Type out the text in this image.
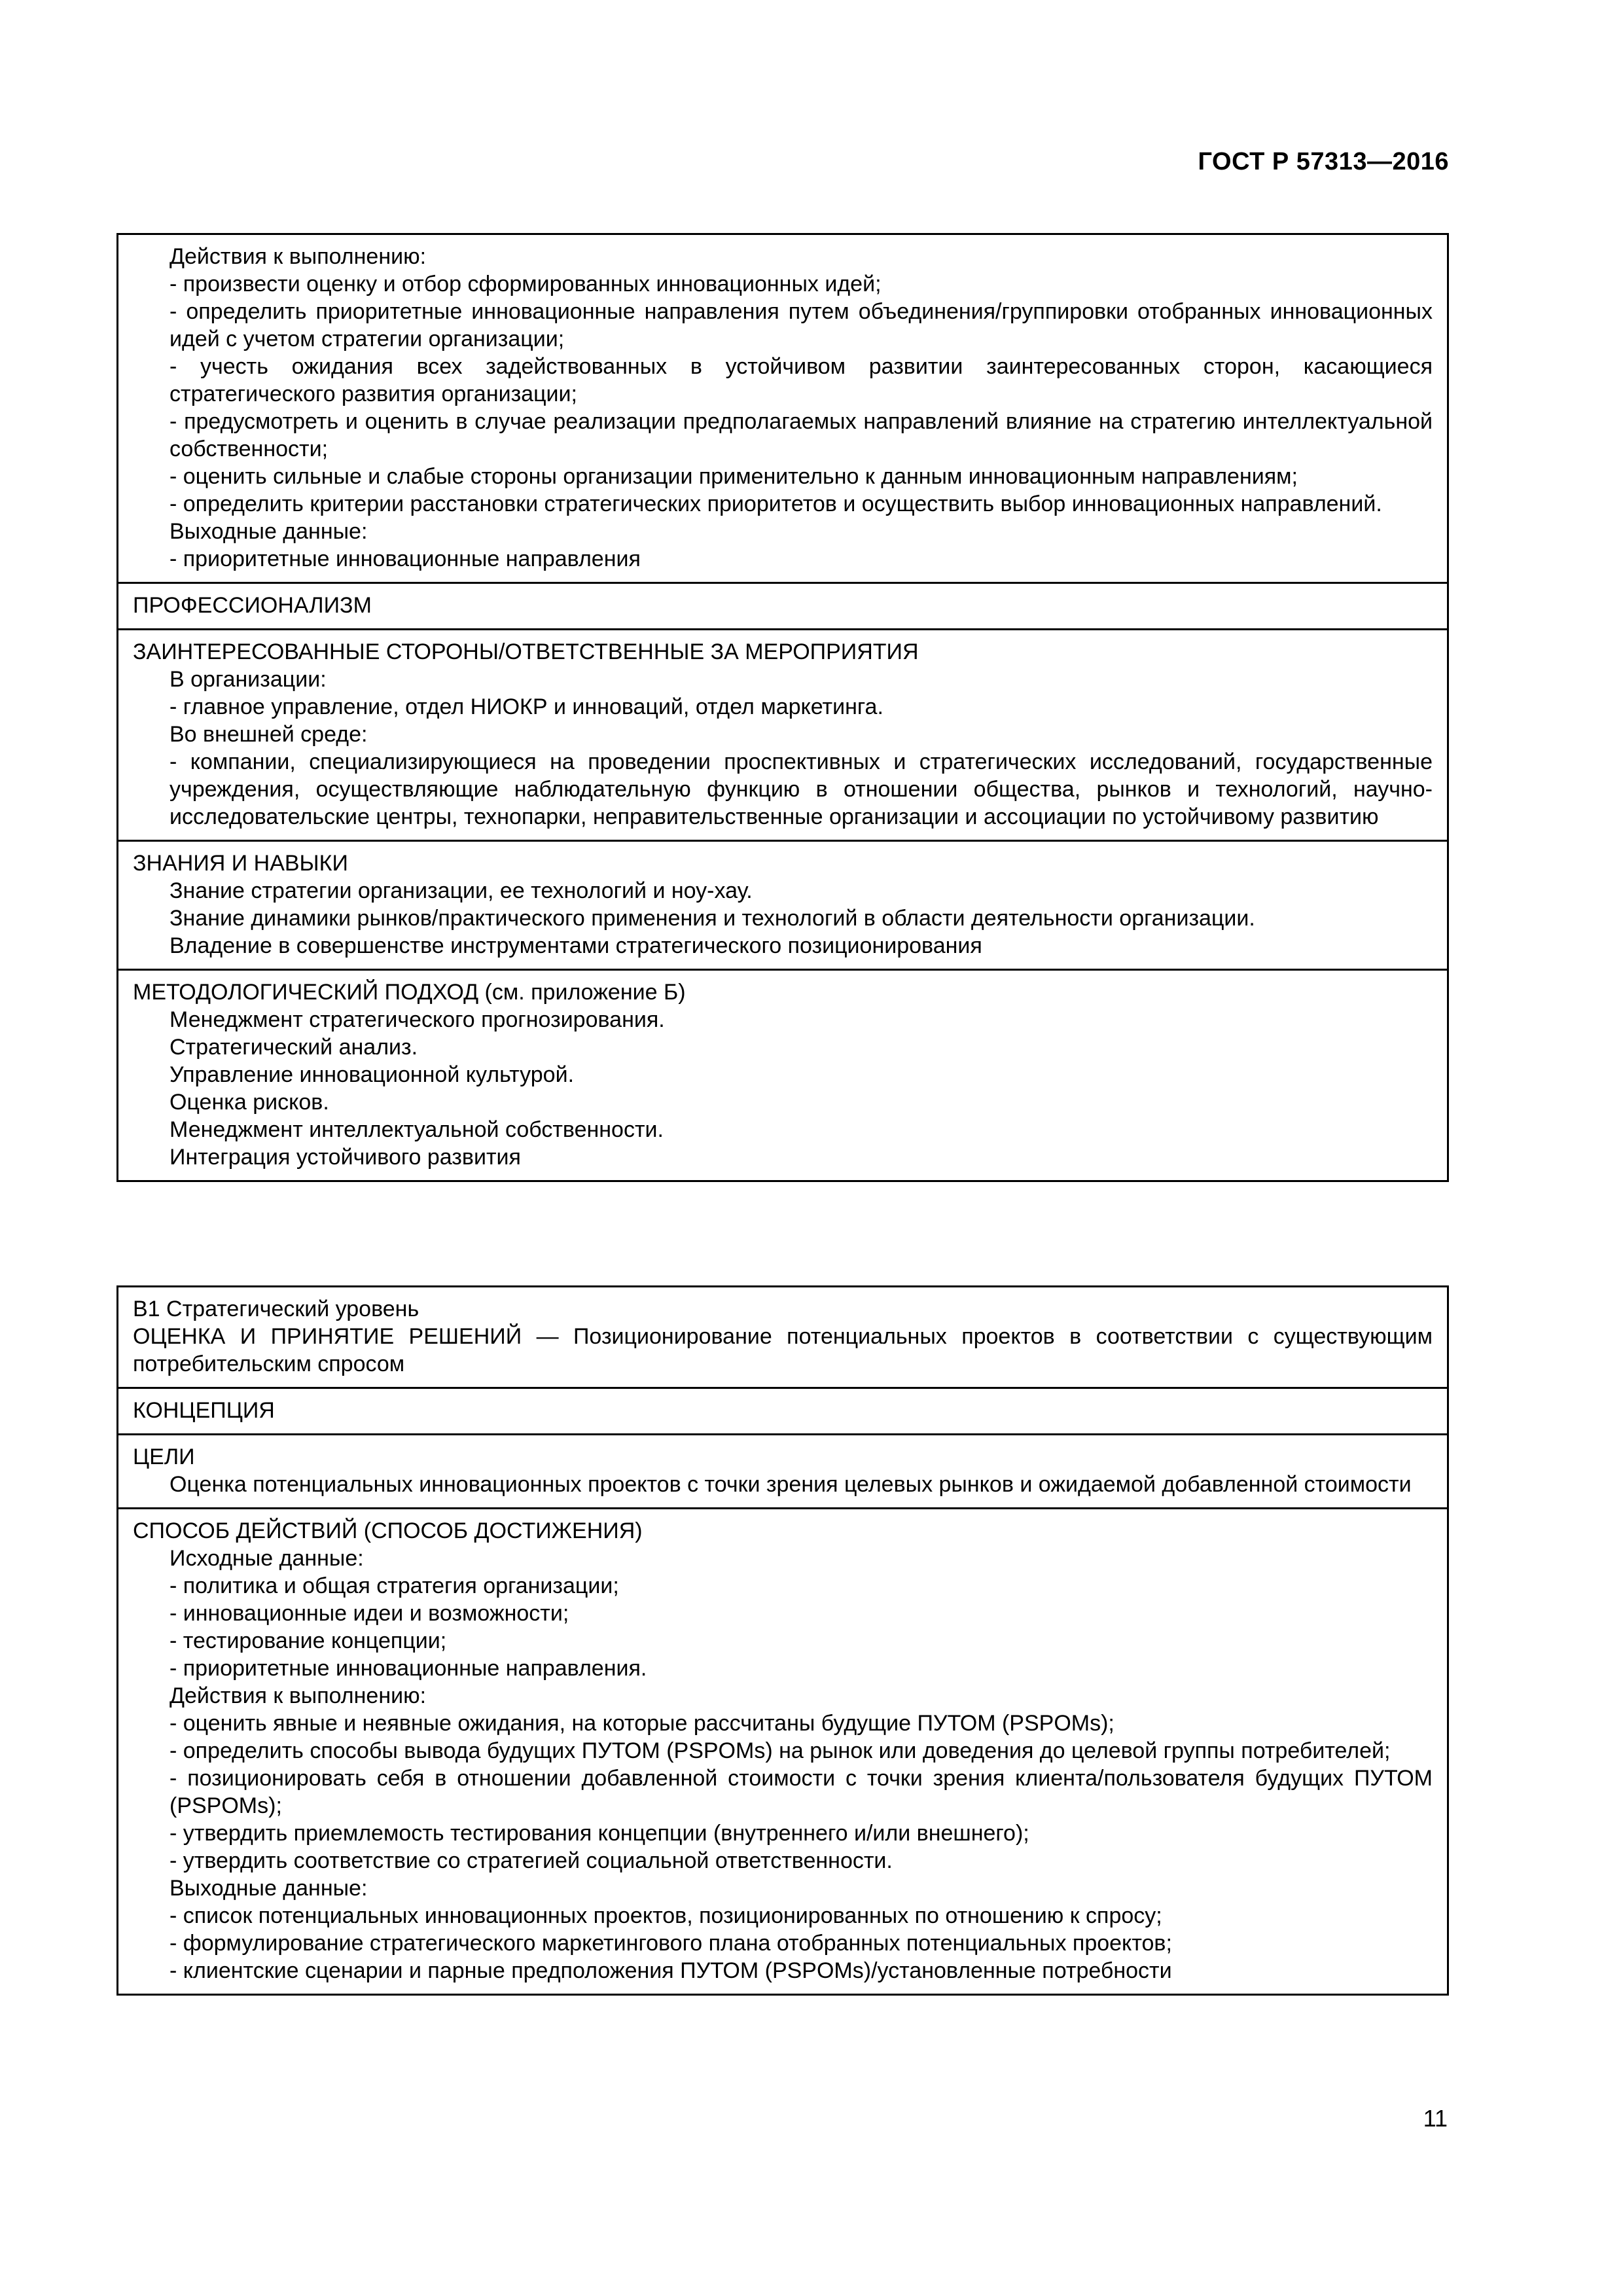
ГОСТ Р 57313—2016
Действия к выполнению:
- произвести оценку и отбор сформированных инновационных идей;
- определить приоритетные инновационные направления путем объединения/группировки отобранных инновационных идей с учетом стратегии организации;
- учесть ожидания всех задействованных в устойчивом развитии заинтересованных сторон, касающиеся стратегического развития организации;
- предусмотреть и оценить в случае реализации предполагаемых направлений влияние на стратегию интеллектуальной собственности;
- оценить сильные и слабые стороны организации применительно к данным инновационным направлениям;
- определить критерии расстановки стратегических приоритетов и осуществить выбор инновационных направлений.
Выходные данные:
- приоритетные инновационные направления

ПРОФЕССИОНАЛИЗМ

ЗАИНТЕРЕСОВАННЫЕ СТОРОНЫ/ОТВЕТСТВЕННЫЕ ЗА МЕРОПРИЯТИЯ
В организации:
- главное управление, отдел НИОКР и инноваций, отдел маркетинга.
Во внешней среде:
- компании, специализирующиеся на проведении проспективных и стратегических исследований, государственные учреждения, осуществляющие наблюдательную функцию в отношении общества, рынков и технологий, научно-исследовательские центры, технопарки, неправительственные организации и ассоциации по устойчивому развитию

ЗНАНИЯ И НАВЫКИ
Знание стратегии организации, ее технологий и ноу-хау.
Знание динамики рынков/практического применения и технологий в области деятельности организации.
Владение в совершенстве инструментами стратегического позиционирования

МЕТОДОЛОГИЧЕСКИЙ ПОДХОД (см. приложение Б)
Менеджмент стратегического прогнозирования.
Стратегический анализ.
Управление инновационной культурой.
Оценка рисков.
Менеджмент интеллектуальной собственности.
Интеграция устойчивого развития
В1 Стратегический уровень
ОЦЕНКА И ПРИНЯТИЕ РЕШЕНИЙ — Позиционирование потенциальных проектов в соответствии с существующим потребительским спросом

КОНЦЕПЦИЯ

ЦЕЛИ
Оценка потенциальных инновационных проектов с точки зрения целевых рынков и ожидаемой добавленной стоимости

СПОСОБ ДЕЙСТВИЙ (СПОСОБ ДОСТИЖЕНИЯ)
Исходные данные:
- политика и общая стратегия организации;
- инновационные идеи и возможности;
- тестирование концепции;
- приоритетные инновационные направления.
Действия к выполнению:
- оценить явные и неявные ожидания, на которые рассчитаны будущие ПУТОМ (PSPOMs);
- определить способы вывода будущих ПУТОМ (PSPOMs) на рынок или доведения до целевой группы потребителей;
- позиционировать себя в отношении добавленной стоимости с точки зрения клиента/пользователя будущих ПУТОМ (PSPOMs);
- утвердить приемлемость тестирования концепции (внутреннего и/или внешнего);
- утвердить соответствие со стратегией социальной ответственности.
Выходные данные:
- список потенциальных инновационных проектов, позиционированных по отношению к спросу;
- формулирование стратегического маркетингового плана отобранных потенциальных проектов;
- клиентские сценарии и парные предположения ПУТОМ (PSPOMs)/установленные потребности
11
